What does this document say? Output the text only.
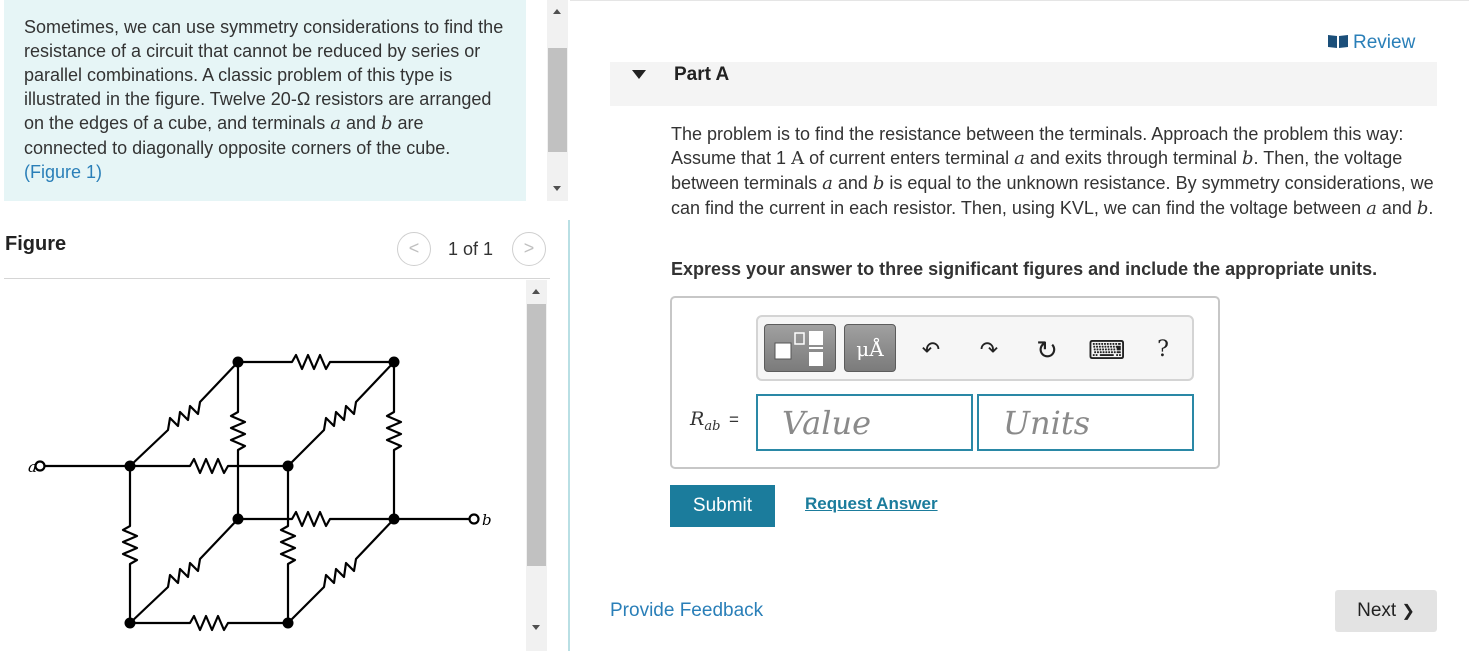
Sometimes, we can use symmetry considerations to find the resistance of a circuit that cannot be reduced by series or parallel combinations. A classic problem of this type is illustrated in the figure. Twelve 20-Ω resistors are arranged on the edges of a cube, and terminals a and b are connected to diagonally opposite corners of the cube.
(Figure 1)
Figure	<	1 of 1	>
a
b
Review
Part A
The problem is to find the resistance between the terminals. Approach the problem this way: Assume that 1 A of current enters terminal a and exits through terminal b. Then, the voltage between terminals a and b is equal to the unknown resistance. By symmetry considerations, we can find the current in each resistor. Then, using KVL, we can find the voltage between a and b.
Express your answer to three significant figures and include the appropriate units.
μÅ	↶ ↷ ↻ ⌨	?
$R_{ab}$ =
Value
Units
Submit	Request Answer
Provide Feedback	Next ❯
